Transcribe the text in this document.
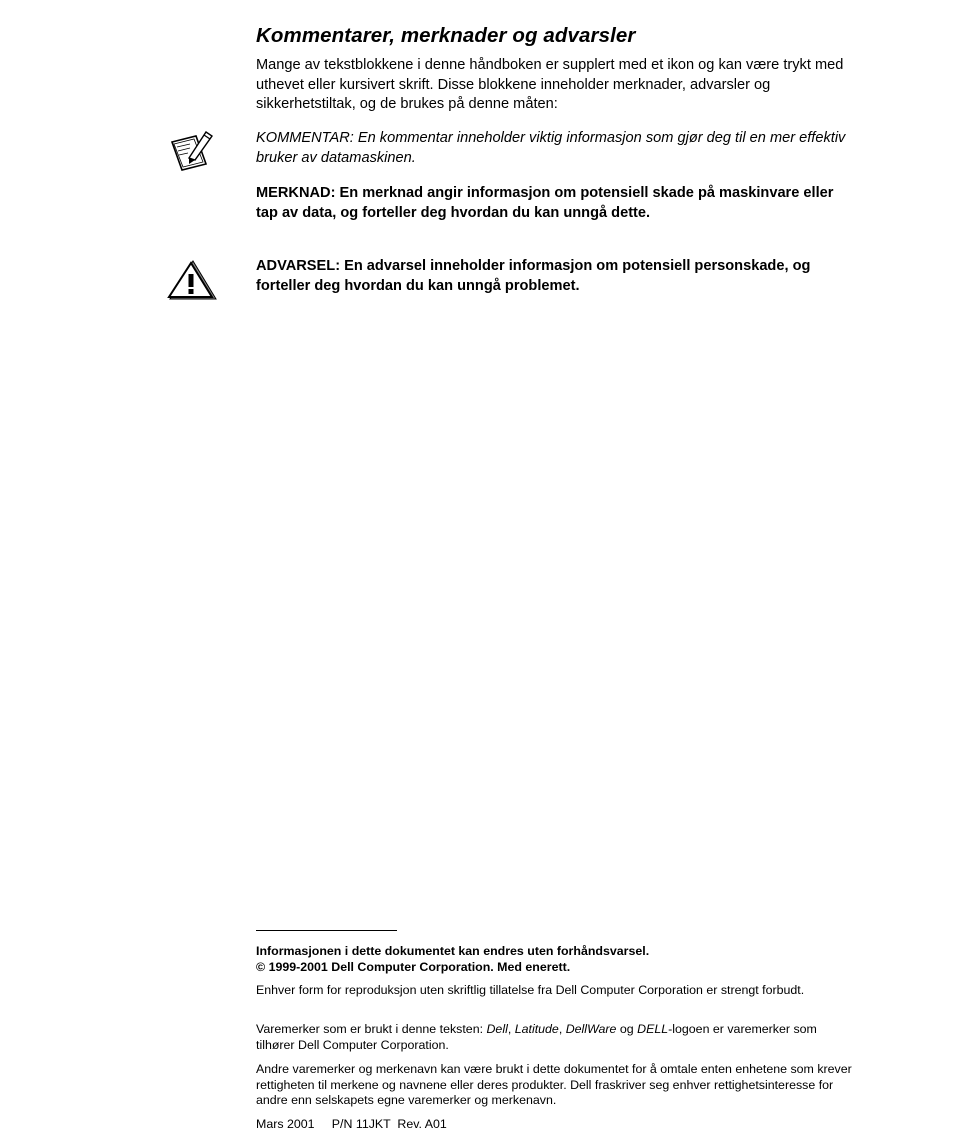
Kommentarer, merknader og advarsler

Mange av tekstblokkene i denne håndboken er supplert med et ikon og kan være trykt med uthevet eller kursivert skrift. Disse blokkene inneholder merknader, advarsler og sikkerhetstiltak, og de brukes på denne måten:

KOMMENTAR: En kommentar inneholder viktig informasjon som gjør deg til en mer effektiv bruker av datamaskinen.

MERKNAD: En merknad angir informasjon om potensiell skade på maskinvare eller tap av data, og forteller deg hvordan du kan unngå dette.

ADVARSEL: En advarsel inneholder informasjon om potensiell personskade, og forteller deg hvordan du kan unngå problemet.

Informasjonen i dette dokumentet kan endres uten forhåndsvarsel.
© 1999-2001 Dell Computer Corporation. Med enerett.

Enhver form for reproduksjon uten skriftlig tillatelse fra Dell Computer Corporation er strengt forbudt.

Varemerker som er brukt i denne teksten: Dell, Latitude, DellWare og DELL-logoen er varemerker som tilhører Dell Computer Corporation.

Andre varemerker og merkenavn kan være brukt i dette dokumentet for å omtale enten enhetene som krever rettigheten til merkene og navnene eller deres produkter. Dell fraskriver seg enhver rettighetsinteresse for andre enn selskapets egne varemerker og merkenavn.

Mars 2001 P/N 11JKT  Rev. A01
